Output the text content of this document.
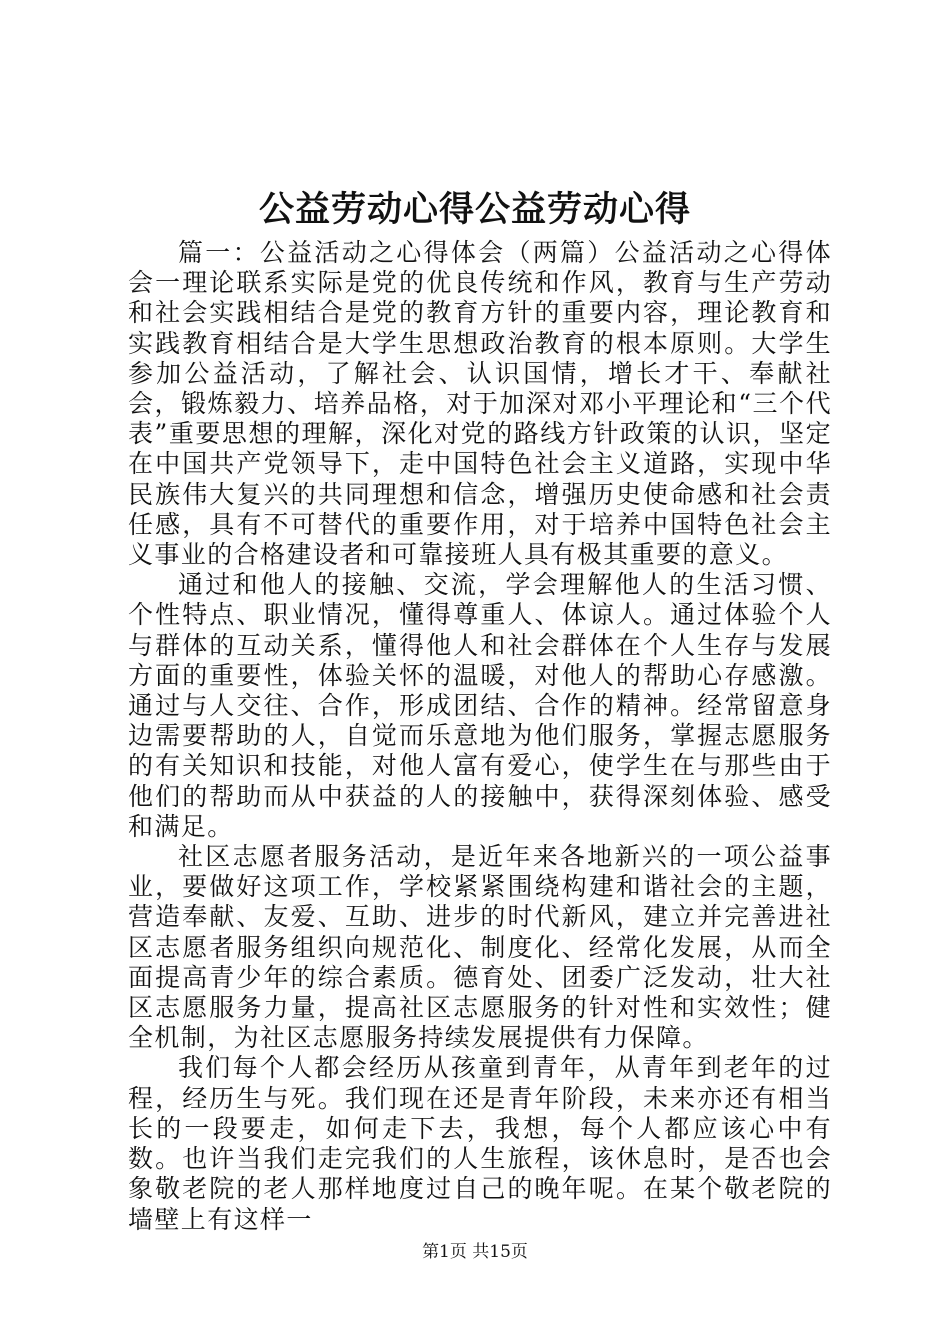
公益劳动心得公益劳动心得

篇一：公益活动之心得体会（两篇）公益活动之心得体会一理论联系实际是党的优良传统和作风，教育与生产劳动和社会实践相结合是党的教育方针的重要内容，理论教育和实践教育相结合是大学生思想政治教育的根本原则。大学生参加公益活动，了解社会、认识国情，增长才干、奉献社会，锻炼毅力、培养品格，对于加深对邓小平理论和“三个代表”重要思想的理解，深化对党的路线方针政策的认识，坚定在中国共产党领导下，走中国特色社会主义道路，实现中华民族伟大复兴的共同理想和信念，增强历史使命感和社会责任感，具有不可替代的重要作用，对于培养中国特色社会主义事业的合格建设者和可靠接班人具有极其重要的意义。

通过和他人的接触、交流，学会理解他人的生活习惯、个性特点、职业情况，懂得尊重人、体谅人。通过体验个人与群体的互动关系，懂得他人和社会群体在个人生存与发展方面的重要性，体验关怀的温暖，对他人的帮助心存感激。通过与人交往、合作，形成团结、合作的精神。经常留意身边需要帮助的人，自觉而乐意地为他们服务，掌握志愿服务的有关知识和技能，对他人富有爱心，使学生在与那些由于他们的帮助而从中获益的人的接触中，获得深刻体验、感受和满足。

社区志愿者服务活动，是近年来各地新兴的一项公益事业，要做好这项工作，学校紧紧围绕构建和谐社会的主题，营造奉献、友爱、互助、进步的时代新风，建立并完善进社区志愿者服务组织向规范化、制度化、经常化发展，从而全面提高青少年的综合素质。德育处、团委广泛发动，壮大社区志愿服务力量，提高社区志愿服务的针对性和实效性；健全机制，为社区志愿服务持续发展提供有力保障。

我们每个人都会经历从孩童到青年，从青年到老年的过程，经历生与死。我们现在还是青年阶段，未来亦还有相当长的一段要走，如何走下去，我想，每个人都应该心中有数。也许当我们走完我们的人生旅程，该休息时，是否也会象敬老院的老人那样地度过自己的晚年呢。在某个敬老院的墙壁上有这样一

第1页 共15页
